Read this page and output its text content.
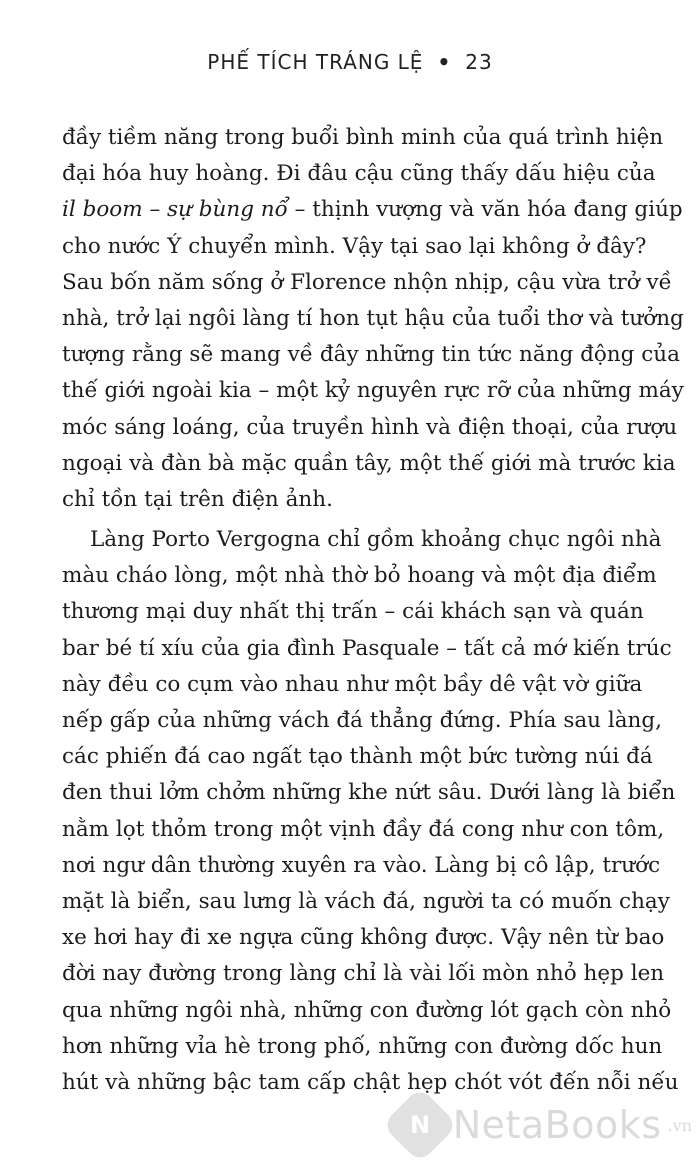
PHẾ TÍCH TRÁNG LỆ • 23
đầy tiềm năng trong buổi bình minh của quá trình hiện
đại hóa huy hoàng. Đi đâu cậu cũng thấy dấu hiệu của
il boom – sự bùng nổ – thịnh vượng và văn hóa đang giúp
cho nước Ý chuyển mình. Vậy tại sao lại không ở đây?
Sau bốn năm sống ở Florence nhộn nhịp, cậu vừa trở về
nhà, trở lại ngôi làng tí hon tụt hậu của tuổi thơ và tưởng
tượng rằng sẽ mang về đây những tin tức năng động của
thế giới ngoài kia – một kỷ nguyên rực rỡ của những máy
móc sáng loáng, của truyền hình và điện thoại, của rượu
ngoại và đàn bà mặc quần tây, một thế giới mà trước kia
chỉ tồn tại trên điện ảnh.
Làng Porto Vergogna chỉ gồm khoảng chục ngôi nhà
màu cháo lòng, một nhà thờ bỏ hoang và một địa điểm
thương mại duy nhất thị trấn – cái khách sạn và quán
bar bé tí xíu của gia đình Pasquale – tất cả mớ kiến trúc
này đều co cụm vào nhau như một bầy dê vật vờ giữa
nếp gấp của những vách đá thẳng đứng. Phía sau làng,
các phiến đá cao ngất tạo thành một bức tường núi đá
đen thui lởm chởm những khe nứt sâu. Dưới làng là biển
nằm lọt thỏm trong một vịnh đầy đá cong như con tôm,
nơi ngư dân thường xuyên ra vào. Làng bị cô lập, trước
mặt là biển, sau lưng là vách đá, người ta có muốn chạy
xe hơi hay đi xe ngựa cũng không được. Vậy nên từ bao
đời nay đường trong làng chỉ là vài lối mòn nhỏ hẹp len
qua những ngôi nhà, những con đường lót gạch còn nhỏ
hơn những vỉa hè trong phố, những con đường dốc hun
hút và những bậc tam cấp chật hẹp chót vót đến nỗi nếu
N NetaBooks .vn
